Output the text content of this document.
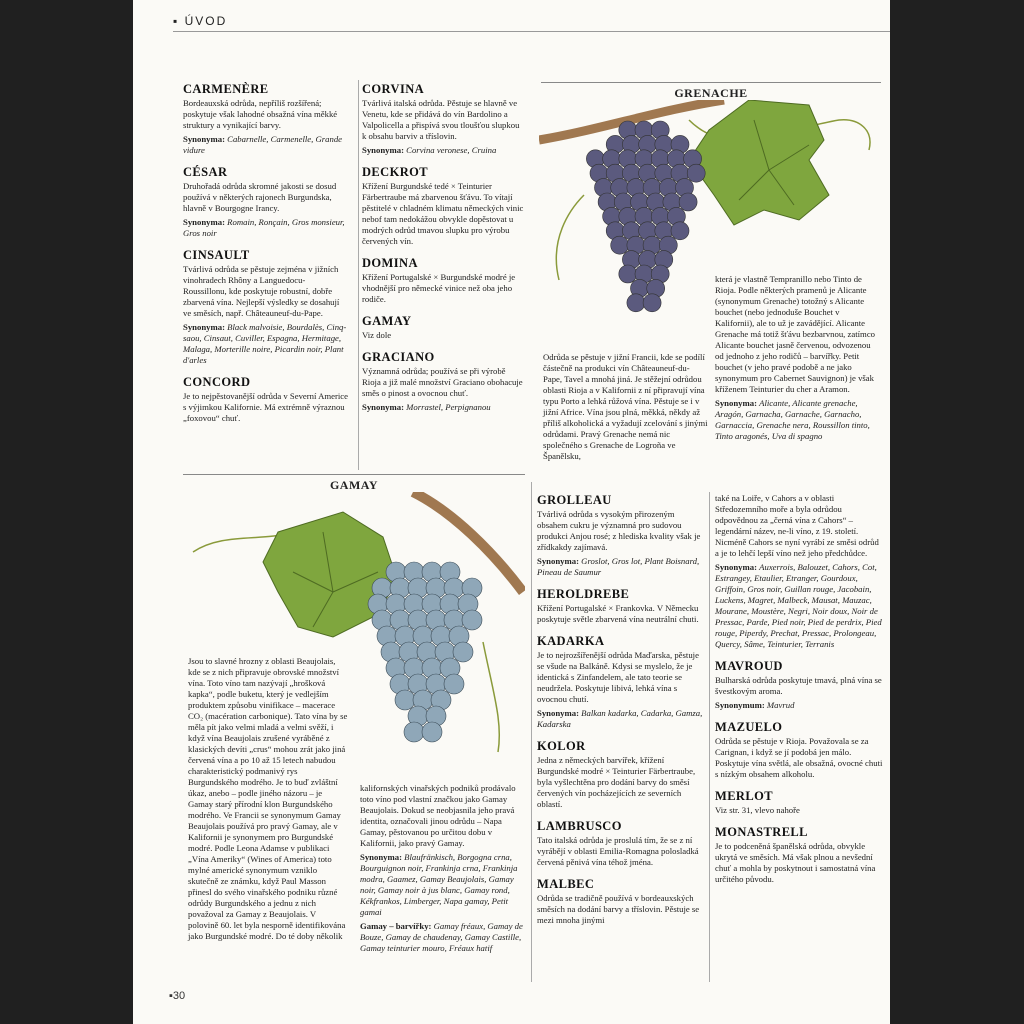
▪ ÚVOD
CARMENÈRE

Bordeauxská odrůda, nepříliš rozšířená; poskytuje však lahodné obsažná vína měkké struktury a vynikající barvy.

Synonyma: Cabarnelle, Carmenelle, Grande vidure

CÉSAR

Druhořadá odrůda skromné jakosti se dosud používá v některých rajonech Burgundska, hlavně v Bourgogne Irancy.

Synonyma: Romain, Ronçain, Gros monsieur, Gros noir

CINSAULT

Tvárlivá odrůda se pěstuje zejména v jižních vinohradech Rhôny a Languedocu-Roussillonu, kde poskytuje robustní, dobře zbarvená vína. Nejlepší výsledky se dosahují ve směsích, např. Châteauneuf-du-Pape.

Synonyma: Black malvoisie, Bourdalès, Cinq-saou, Cinsaut, Cuviller, Espagna, Hermitage, Malaga, Morterille noire, Picardin noir, Plant d'arles

CONCORD

Je to nejpěstovanější odrůda v Severní Americe s výjimkou Kalifornie. Má extrémně výraznou „foxovou“ chuť.

CORVINA

Tvárlivá italská odrůda. Pěstuje se hlavně ve Venetu, kde se přidává do vín Bardolino a Valpolicella a přispívá svou tloušťou slupkou k obsahu barviv a tříslovin.

Synonyma: Corvina veronese, Cruina

DECKROT

Křížení Burgundské tedé × Teinturier Färbertraube má zbarvenou šťávu. To vítají pěstitelé v chladném klimatu německých vinic nebof tam nedokážou obvykle dopěstovat u modrých odrůd tmavou slupku pro výrobu červených vín.

DOMINA

Křížení Portugalské × Burgundské modré je vhodnější pro německé vinice než oba jeho rodiče.

GAMAY

Viz dole

GRACIANO

Významná odrůda; používá se při výrobě Rioja a již malé množství Graciano obohacuje směs o pinost a ovocnou chuť.

Synonyma: Morrastel, Perpignanou

GRENACHE

Odrůda se pěstuje v jižní Francii, kde se podílí částečně na produkci vín Châteauneuf-du-Pape, Tavel a mnohá jiná. Je stěžejní odrůdou oblasti Rioja a v Kalifornii z ní připravují vína typu Porto a lehká růžová vína. Pěstuje se i v jižní Africe. Vína jsou plná, měkká, někdy až příliš alkoholická a vyžadují zcelování s jinými odrůdami. Pravý Grenache nemá nic společného s Grenache de Logroña ve Španělsku,

která je vlastně Tempranillo nebo Tinto de Rioja. Podle některých pramenů je Alicante (synonymum Grenache) totožný s Alicante bouchet (nebo jednoduše Bouchet v Kalifornii), ale to už je zavádějící. Alicante Grenache má totiž šťávu bezbarvnou, zatímco Alicante bouchet jasně červenou, odvozenou od jednoho z jeho rodičů – barvířky. Petit bouchet (v jeho pravé podobě a ne jako synonymum pro Cabernet Sauvignon) je však kříženem Teinturier du cher a Aramon.

Synonyma: Alicante, Alicante grenache, Aragón, Garnacha, Garnache, Garnacho, Garnaccia, Grenache nera, Roussillon tinto, Tinto aragonés, Uva di spagno

GAMAY

Jsou to slavné hrozny z oblasti Beaujolais, kde se z nich připravuje obrovské množství vína. Toto víno tam nazývají „hrošková kapka“, podle buketu, který je vedlejším produktem způsobu vinifikace – macerace CO₂ (macération carbonique). Tato vína by se měla pít jako velmi mladá a velmi svěží, i když vína Beaujolais zrušené vyráběné z klasických devíti „crus“ mohou zrát jako jiná červená vína a po 10 až 15 letech nabudou charakteristický podmanivý rys Burgundského modrého. Je to buď zvláštní úkaz, anebo – podle jiného názoru – je Gamay starý přírodní klon Burgundského modrého. Ve Francii se synonymum Gamay Beaujolais používá pro pravý Gamay, ale v Kalifornii je synonymem pro Burgundské modré. Podle Leona Adamse v publikaci „Vína Ameriky“ (Wines of America) toto mylné americké synonymum vzniklo skutečně ze známku, když Paul Masson přinesl do svého vinařského podniku různé odrůdy Burgundského a jednu z nich považoval za Gamay z Beaujolais. V polovině 60. let byla nesporně identifikována jako Burgundské modré. Do té doby několik

kalifornských vinařských podniků prodávalo toto víno pod vlastní značkou jako Gamay Beaujolais. Dokud se neobjasnila jeho pravá identita, označovali jinou odrůdu – Napa Gamay, pěstovanou po určitou dobu v Kalifornii, jako pravý Gamay.

Synonyma: Blaufränkisch, Borgogna crna, Bourguignon noir, Frankinja crna, Frankinja modra, Gaamez, Gamay Beaujolais, Gamay noir, Gamay noir à jus blanc, Gamay rond, Kékfrankos, Limberger, Napa gamay, Petit gamai

Gamay – barvířky: Gamay fréaux, Gamay de Bouze, Gamay de chaudenay, Gamay Castille, Gamay teinturier mouro, Fréaux hatif

GROLLEAU

Tvárlivá odrůda s vysokým přirozeným obsahem cukru je významná pro sudovou produkci Anjou rosé; z hlediska kvality však je zřídkakdy zajímavá.

Synonyma: Groslot, Gros lot, Plant Boisnard, Pineau de Saumur

HEROLDREBE

Křížení Portugalské × Frankovka. V Německu poskytuje světle zbarvená vína neutrální chuti.

KADARKA

Je to nejrozšířenější odrůda Maďarska, pěstuje se všude na Balkáně. Kdysi se myslelo, že je identická s Zinfandelem, ale tato teorie se neudržela. Poskytuje libivá, lehká vína s ovocnou chutí.

Synonyma: Balkan kadarka, Cadarka, Gamza, Kadarska

KOLOR

Jedna z německých barvířek, křížení Burgundské modré × Teinturier Färbertraube, byla vyšlechtěna pro dodání barvy do směsí červených vín pocházejících ze severních oblastí.

LAMBRUSCO

Tato italská odrůda je proslulá tím, že se z ní vyrábějí v oblasti Emilia-Romagna polosladká červená pěnivá vína téhož jména.

MALBEC

Odrůda se tradičně používá v bordeauxských směsích na dodání barvy a tříslovin. Pěstuje se mezi mnoha jinými

také na Loiře, v Cahors a v oblasti Středozemního moře a byla odrůdou odpovědnou za „černá vína z Cahors“ – legendární název, ne-li víno, z 19. století. Nicméně Cahors se nyní vyrábí ze směsi odrůd a je to lehčí lepší víno než jeho předchůdce.

Synonyma: Auxerrois, Balouzet, Cahors, Cot, Estrangey, Etaulier, Etranger, Gourdoux, Griffoin, Gros noir, Guillan rouge, Jacobain, Luckens, Magret, Malbeck, Mausat, Mauzac, Mourane, Moustère, Negri, Noir doux, Noir de Pressac, Parde, Pied noir, Pied de perdrix, Pied rouge, Piperdy, Prechat, Pressac, Prolongeau, Quercy, Sâme, Teinturier, Terranis

MAVROUD

Bulharská odrůda poskytuje tmavá, plná vína se švestkovým aroma.

Synonymum: Mavrud

MAZUELO

Odrůda se pěstuje v Rioja. Považovala se za Carignan, i když se jí podobá jen málo. Poskytuje vína světlá, ale obsažná, ovocné chuti s nízkým obsahem alkoholu.

MERLOT

Viz str. 31, vlevo nahoře

MONASTRELL

Je to podceněná španělská odrůda, obvykle ukrytá ve směsích. Má však plnou a nevšední chuť a mohla by poskytnout i samostatná vína určitého původu.

▪30
